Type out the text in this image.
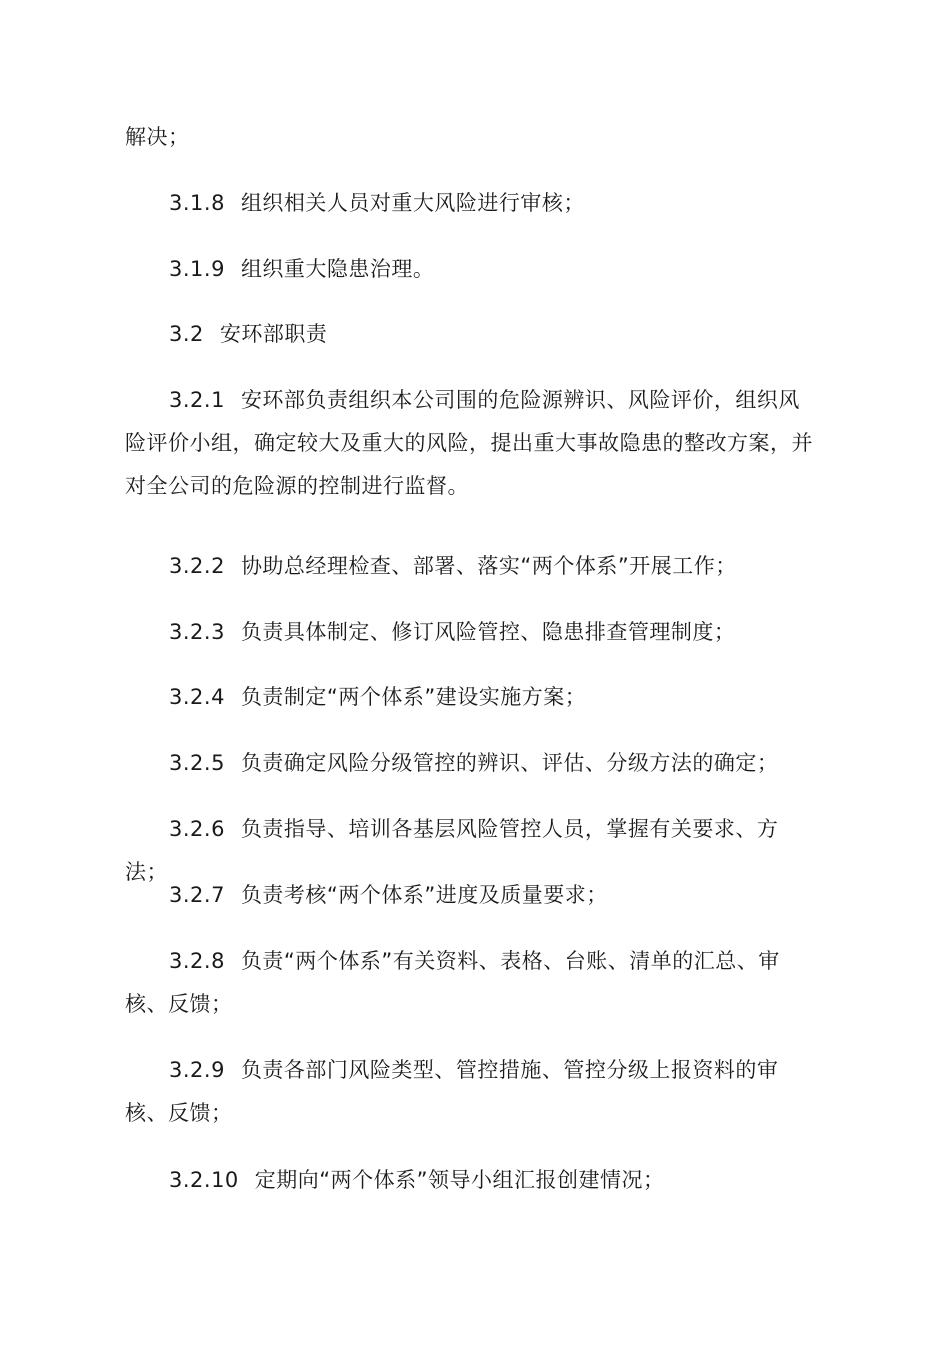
解决；

3.1.8 组织相关人员对重大风险进行审核；

3.1.9 组织重大隐患治理。

3.2 安环部职责

3.2.1 安环部负责组织本公司围的危险源辨识、风险评价，组织风险评价小组，确定较大及重大的风险，提出重大事故隐患的整改方案，并对全公司的危险源的控制进行监督。

3.2.2 协助总经理检查、部署、落实“两个体系”开展工作；

3.2.3 负责具体制定、修订风险管控、隐患排查管理制度；

3.2.4 负责制定“两个体系”建设实施方案；

3.2.5 负责确定风险分级管控的辨识、评估、分级方法的确定；

3.2.6 负责指导、培训各基层风险管控人员，掌握有关要求、方法；

3.2.7 负责考核“两个体系”进度及质量要求；

3.2.8 负责“两个体系”有关资料、表格、台账、清单的汇总、审核、反馈；

3.2.9 负责各部门风险类型、管控措施、管控分级上报资料的审核、反馈；

3.2.10 定期向“两个体系”领导小组汇报创建情况；
